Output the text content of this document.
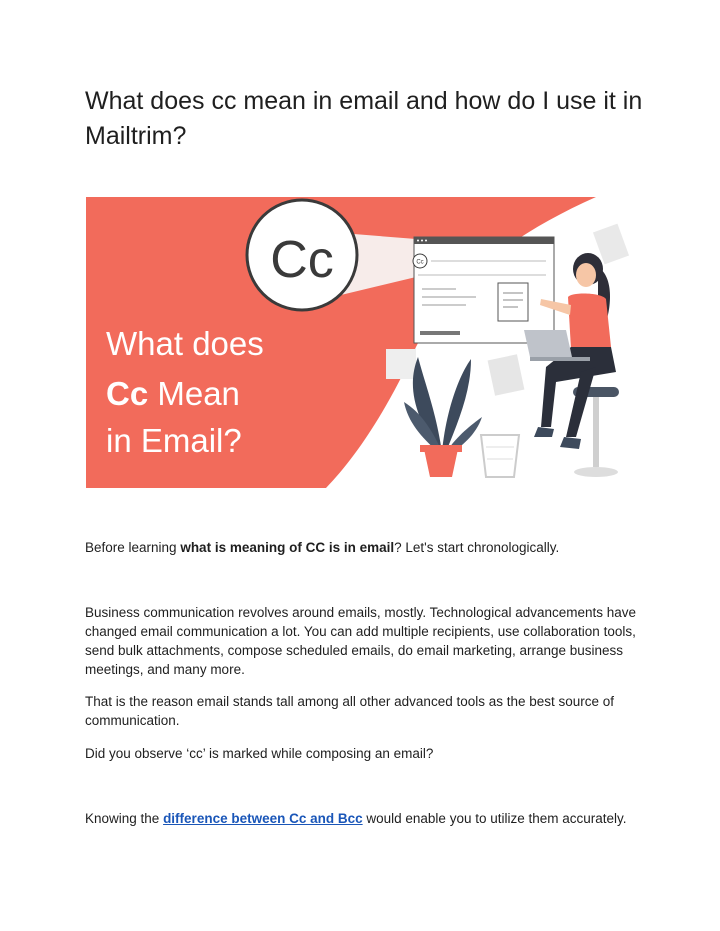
What does cc mean in email and how do I use it in Mailtrim?
Cc
What does
Cc Mean
in Email?
Cc

Before learning what is meaning of CC is in email? Let's start chronologically.

Business communication revolves around emails, mostly. Technological advancements have changed email communication a lot. You can add multiple recipients, use collaboration tools, send bulk attachments, compose scheduled emails, do email marketing, arrange business meetings, and many more.

That is the reason email stands tall among all other advanced tools as the best source of communication.

Did you observe ‘cc’ is marked while composing an email?

Knowing the difference between Cc and Bcc would enable you to utilize them accurately.
